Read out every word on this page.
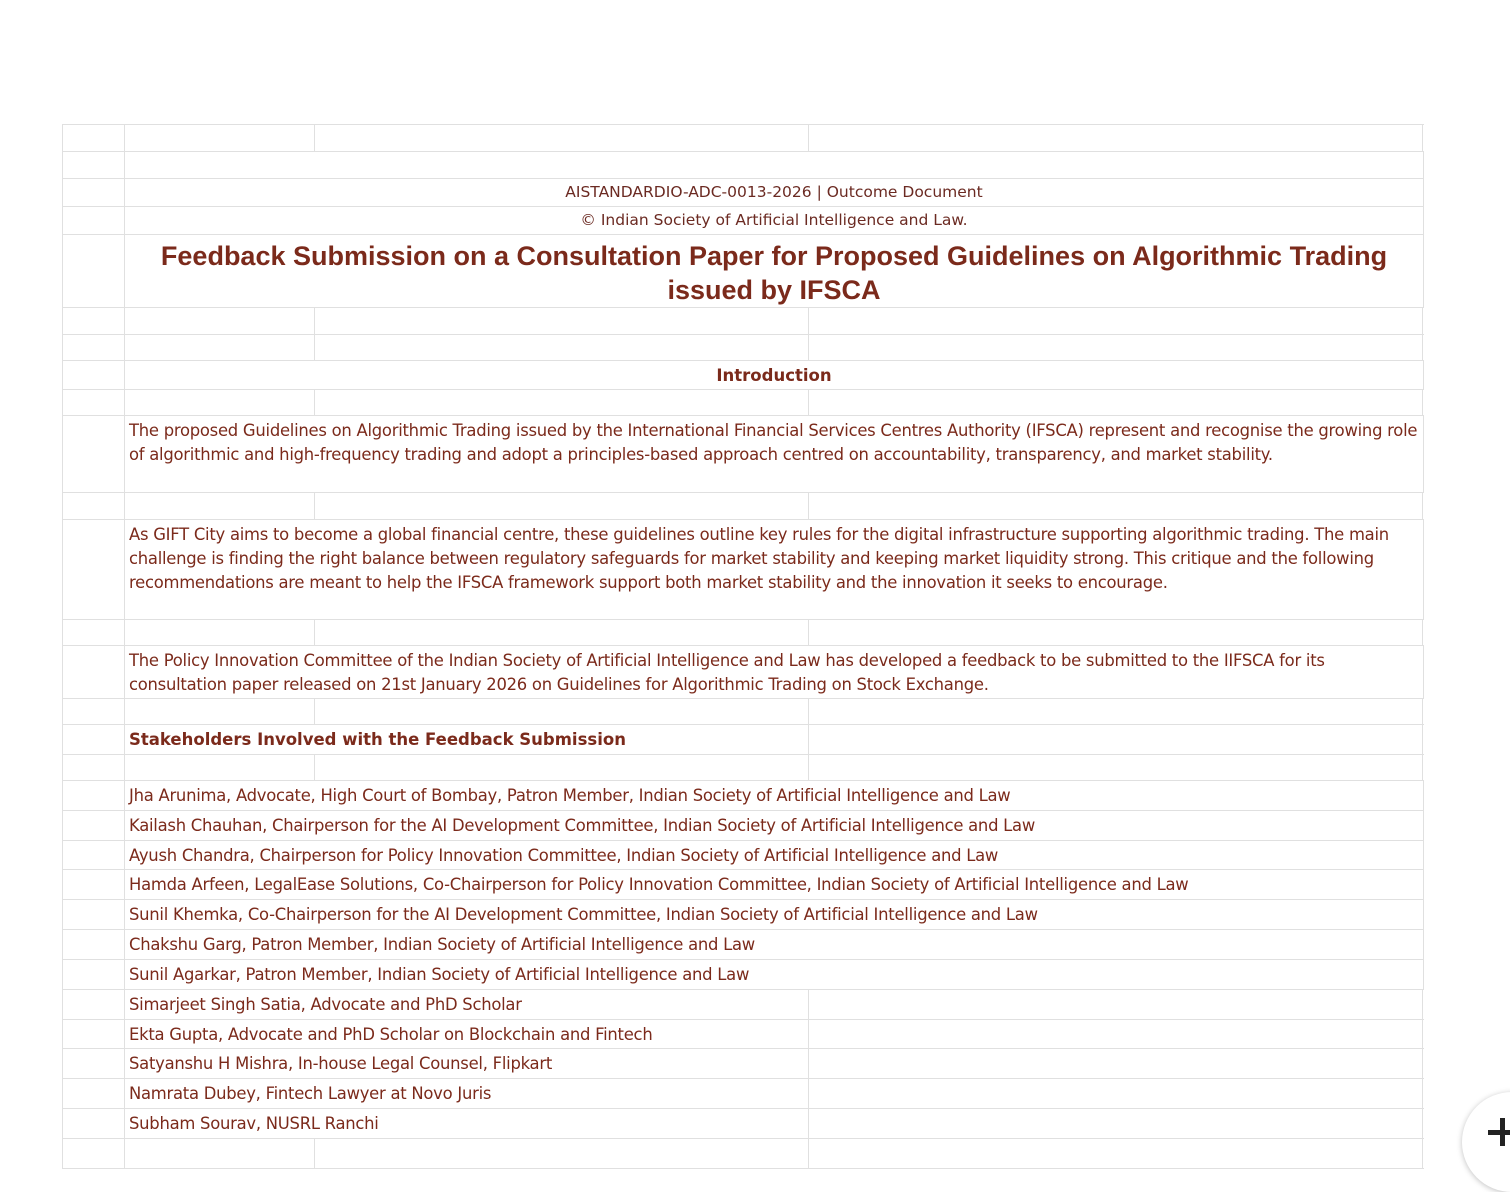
AISTANDARDIO-ADC-0013-2026 | Outcome Document
© Indian Society of Artificial Intelligence and Law.
Feedback Submission on a Consultation Paper for Proposed Guidelines on Algorithmic Trading issued by IFSCA
Introduction
The proposed Guidelines on Algorithmic Trading issued by the International Financial Services Centres Authority (IFSCA) represent and recognise the growing role of algorithmic and high-frequency trading and adopt a principles-based approach centred on accountability, transparency, and market stability.
As GIFT City aims to become a global financial centre, these guidelines outline key rules for the digital infrastructure supporting algorithmic trading. The main challenge is finding the right balance between regulatory safeguards for market stability and keeping market liquidity strong. This critique and the following recommendations are meant to help the IFSCA framework support both market stability and the innovation it seeks to encourage.
The Policy Innovation Committee of the Indian Society of Artificial Intelligence and Law has developed a feedback to be submitted to the IIFSCA for its consultation paper released on 21st January 2026 on Guidelines for Algorithmic Trading on Stock Exchange.
Stakeholders Involved with the Feedback Submission
Jha Arunima, Advocate, High Court of Bombay, Patron Member, Indian Society of Artificial Intelligence and Law
Kailash Chauhan, Chairperson for the AI Development Committee, Indian Society of Artificial Intelligence and Law
Ayush Chandra, Chairperson for Policy Innovation Committee, Indian Society of Artificial Intelligence and Law
Hamda Arfeen, LegalEase Solutions, Co-Chairperson for Policy Innovation Committee, Indian Society of Artificial Intelligence and Law
Sunil Khemka, Co-Chairperson for the AI Development Committee, Indian Society of Artificial Intelligence and Law
Chakshu Garg, Patron Member, Indian Society of Artificial Intelligence and Law
Sunil Agarkar, Patron Member, Indian Society of Artificial Intelligence and Law
Simarjeet Singh Satia, Advocate and PhD Scholar
Ekta Gupta, Advocate and PhD Scholar on Blockchain and Fintech
Satyanshu H Mishra, In-house Legal Counsel, Flipkart
Namrata Dubey, Fintech Lawyer at Novo Juris
Subham Sourav, NUSRL Ranchi
